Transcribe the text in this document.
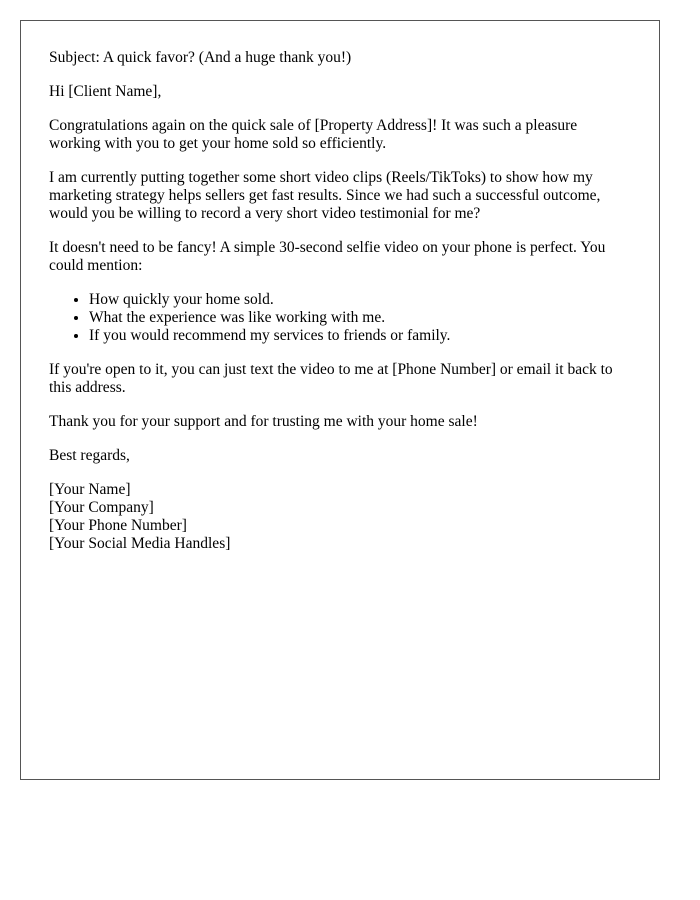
Subject: A quick favor? (And a huge thank you!)

Hi [Client Name],

Congratulations again on the quick sale of [Property Address]! It was such a pleasure working with you to get your home sold so efficiently.

I am currently putting together some short video clips (Reels/TikToks) to show how my marketing strategy helps sellers get fast results. Since we had such a successful outcome, would you be willing to record a very short video testimonial for me?

It doesn't need to be fancy! A simple 30-second selfie video on your phone is perfect. You could mention:

• How quickly your home sold.
• What the experience was like working with me.
• If you would recommend my services to friends or family.

If you're open to it, you can just text the video to me at [Phone Number] or email it back to this address.

Thank you for your support and for trusting me with your home sale!

Best regards,

[Your Name]
[Your Company]
[Your Phone Number]
[Your Social Media Handles]
